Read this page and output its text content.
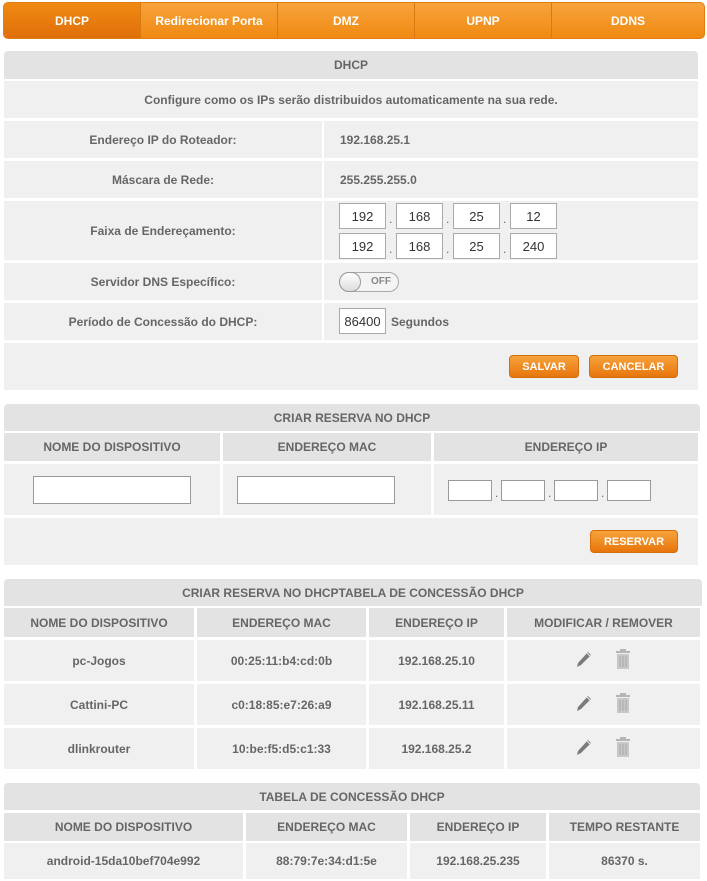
DHCP	Redirecionar Porta	DMZ	UPNP	DDNS
DHCP
Configure como os IPs serão distribuidos automaticamente na sua rede.
Endereço IP do Roteador:	192.168.25.1
Máscara de Rede:	255.255.255.0
Faixa de Endereçamento:
192	.	168	.	25	.	12
192	.	168	.	25	.	240
Servidor DNS Específico:	OFF
Período de Concessão do DHCP:	86400 Segundos
SALVAR	CANCELAR
CRIAR RESERVA NO DHCP
NOME DO DISPOSITIVO	ENDEREÇO MAC	ENDEREÇO IP
.	.	.
RESERVAR
CRIAR RESERVA NO DHCPTABELA DE CONCESSÃO DHCP
NOME DO DISPOSITIVO	ENDEREÇO MAC	ENDEREÇO IP	MODIFICAR / REMOVER
pc-Jogos	00:25:11:b4:cd:0b	192.168.25.10
Cattini-PC	c0:18:85:e7:26:a9	192.168.25.11
dlinkrouter	10:be:f5:d5:c1:33	192.168.25.2
TABELA DE CONCESSÃO DHCP
NOME DO DISPOSITIVO	ENDEREÇO MAC	ENDEREÇO IP	TEMPO RESTANTE
android-15da10bef704e992	88:79:7e:34:d1:5e	192.168.25.235	86370 s.
